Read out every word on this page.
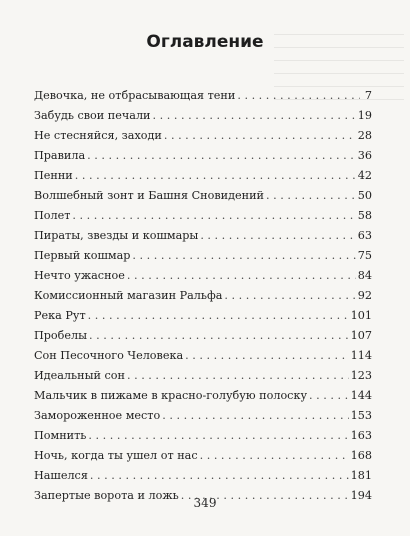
Оглавление
Девочка, не отбрасывающая тени . . .	7
Забудь свои печали . . .	19
Не стесняйся, заходи . . .	28
Правила . . .	36
Пенни . . .	42
Волшебный зонт и Башня Сновидений . . .	50
Полет . . .	58
Пираты, звезды и кошмары . . .	63
Первый кошмар . . .	75
Нечто ужасное . . .	84
Комиссионный магазин Ральфа . . .	92
Река Рут . . .	101
Пробелы . . .	107
Сон Песочного Человека . . .	114
Идеальный сон . . .	123
Мальчик в пижаме в красно-голубую полоску . . .	144
Замороженное место . . .	153
Помнить . . .	163
Ночь, когда ты ушел от нас . . .	168
Нашелся . . .	181
Запертые ворота и ложь . . .	194
349
